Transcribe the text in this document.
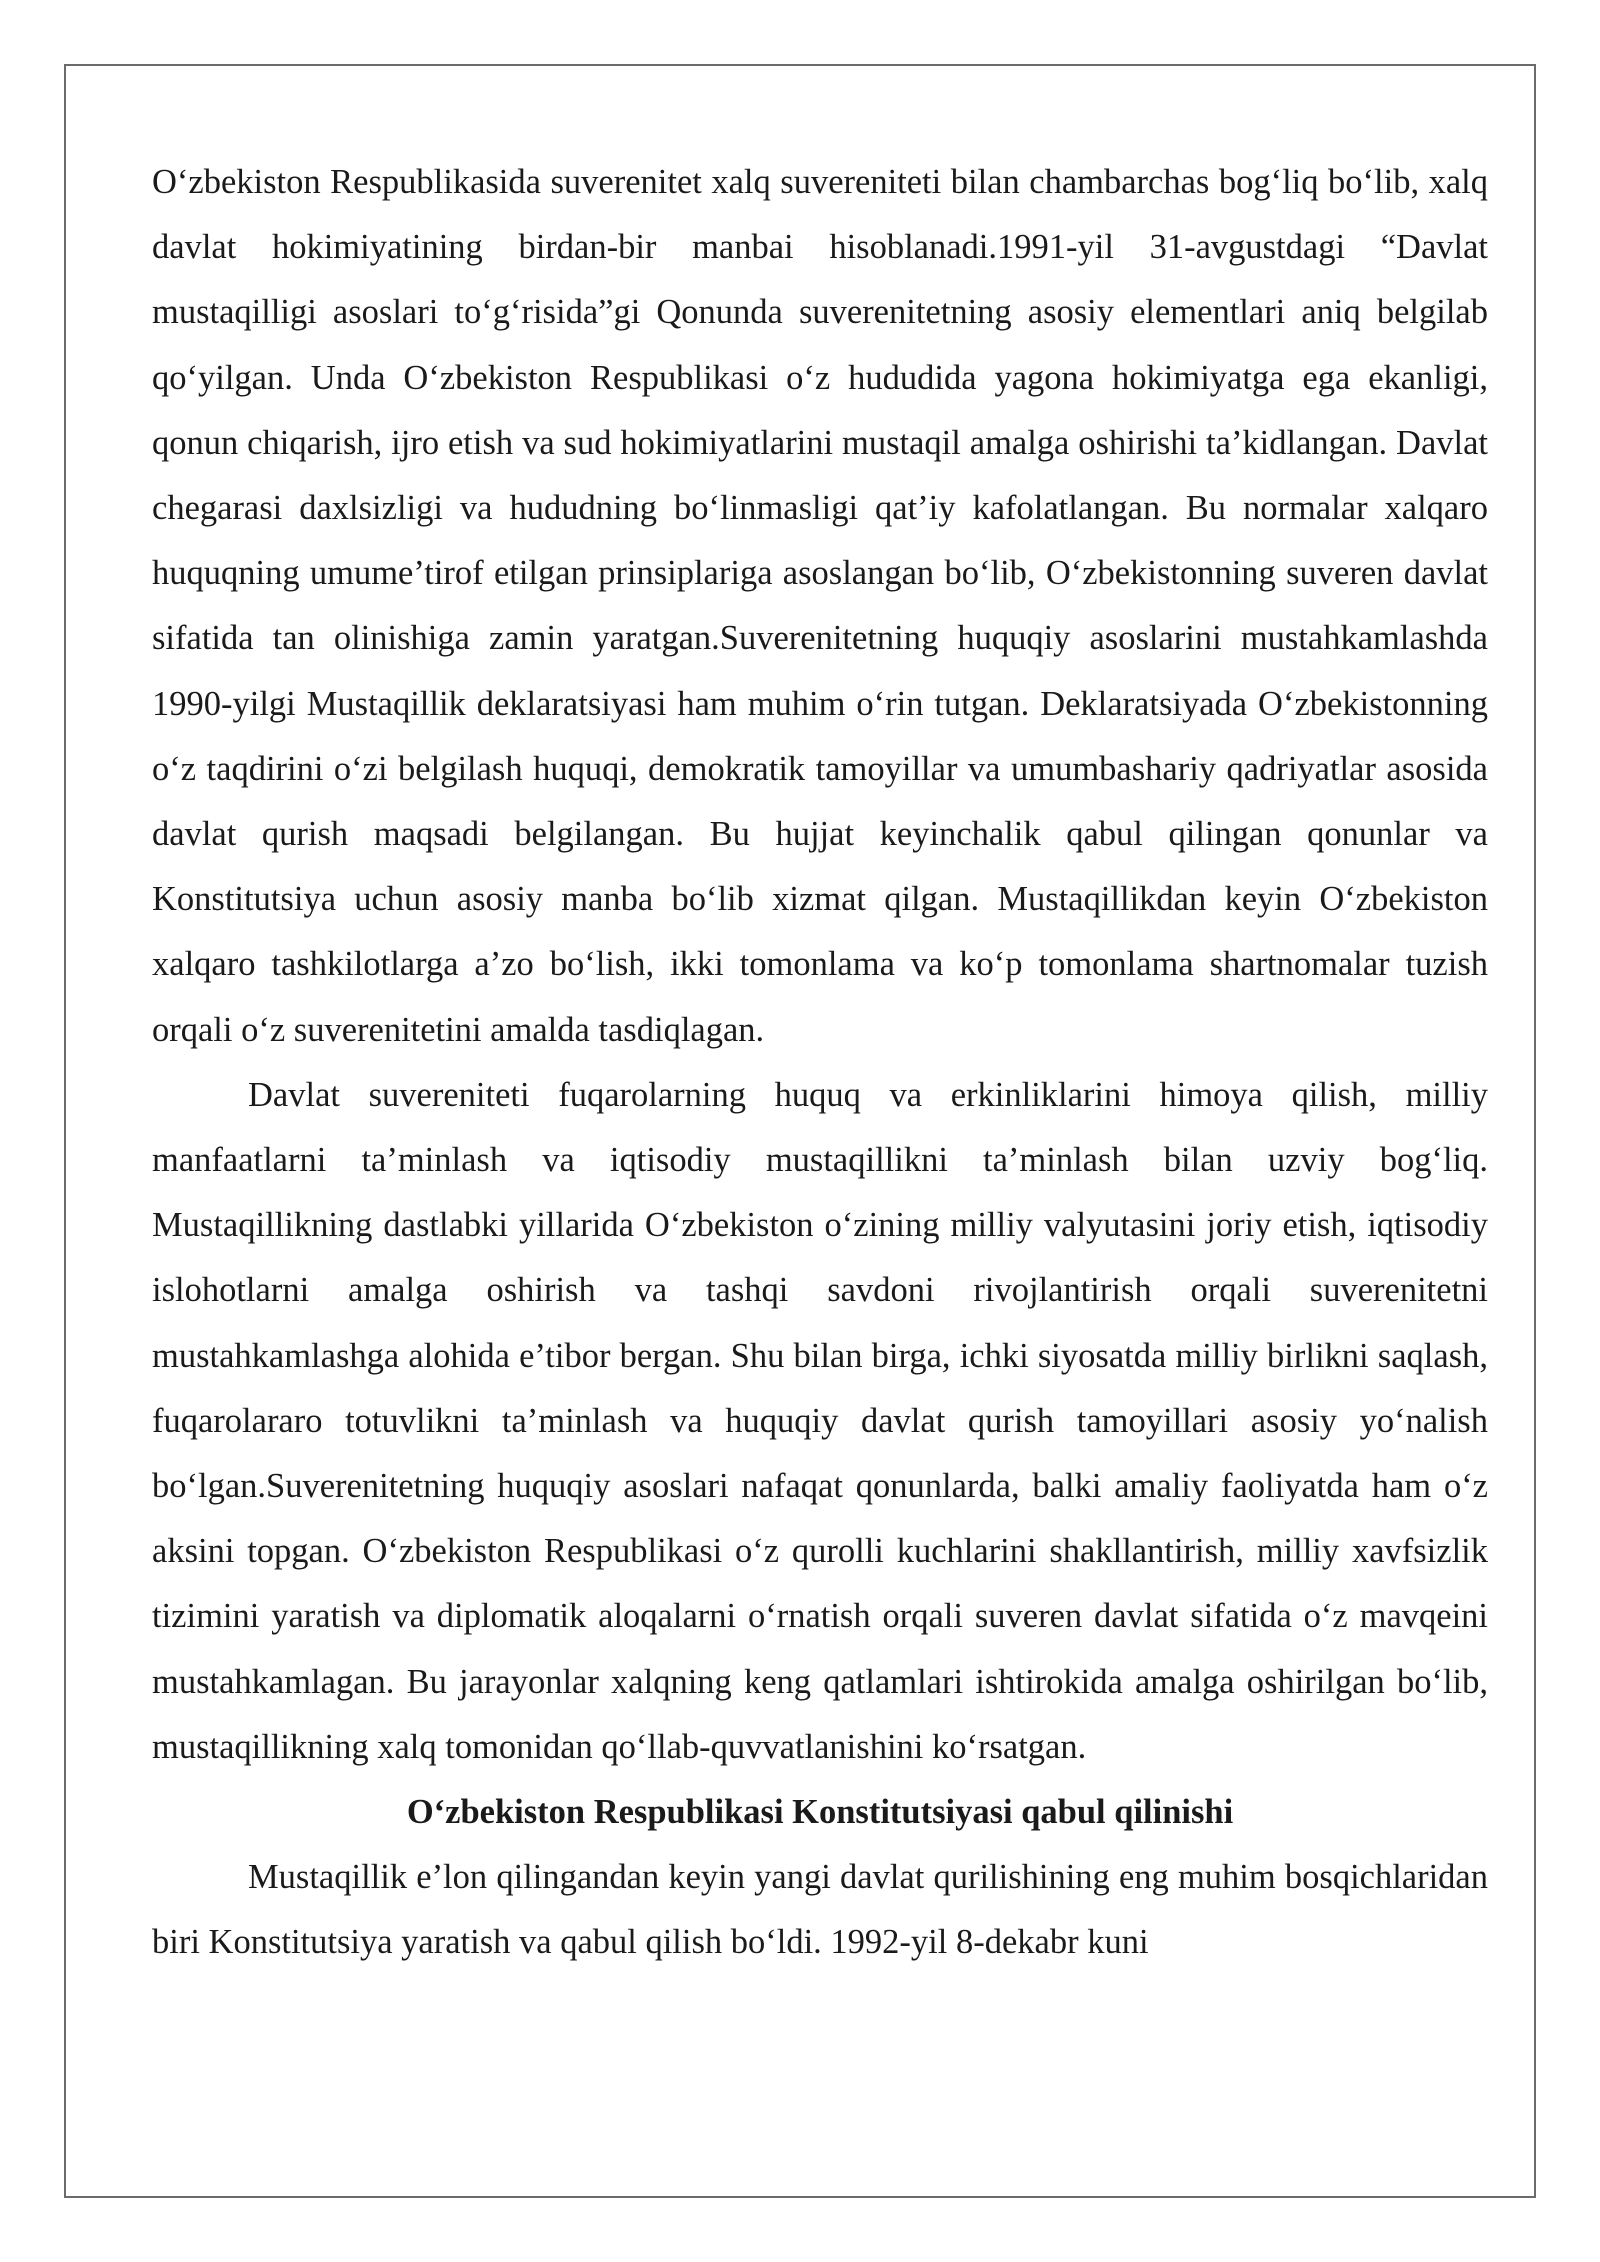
O‘zbekiston Respublikasida suverenitet xalq suvereniteti bilan chambarchas bog‘liq bo‘lib, xalq davlat hokimiyatining birdan-bir manbai hisoblanadi.1991-yil 31-avgustdagi “Davlat mustaqilligi asoslari to‘g‘risida”gi Qonunda suverenitetning asosiy elementlari aniq belgilab qo‘yilgan. Unda O‘zbekiston Respublikasi o‘z hududida yagona hokimiyatga ega ekanligi, qonun chiqarish, ijro etish va sud hokimiyatlarini mustaqil amalga oshirishi ta’kidlangan. Davlat chegarasi daxlsizligi va hududning bo‘linmasligi qat’iy kafolatlangan. Bu normalar xalqaro huquqning umume’tirof etilgan prinsiplariga asoslangan bo‘lib, O‘zbekistonning suveren davlat sifatida tan olinishiga zamin yaratgan.Suverenitetning huquqiy asoslarini mustahkamlashda 1990-yilgi Mustaqillik deklaratsiyasi ham muhim o‘rin tutgan. Deklaratsiyada O‘zbekistonning o‘z taqdirini o‘zi belgilash huquqi, demokratik tamoyillar va umumbashariy qadriyatlar asosida davlat qurish maqsadi belgilangan. Bu hujjat keyinchalik qabul qilingan qonunlar va Konstitutsiya uchun asosiy manba bo‘lib xizmat qilgan. Mustaqillikdan keyin O‘zbekiston xalqaro tashkilotlarga a’zo bo‘lish, ikki tomonlama va ko‘p tomonlama shartnomalar tuzish orqali o‘z suverenitetini amalda tasdiqlagan.

Davlat suvereniteti fuqarolarning huquq va erkinliklarini himoya qilish, milliy manfaatlarni ta’minlash va iqtisodiy mustaqillikni ta’minlash bilan uzviy bog‘liq. Mustaqillikning dastlabki yillarida O‘zbekiston o‘zining milliy valyutasini joriy etish, iqtisodiy islohotlarni amalga oshirish va tashqi savdoni rivojlantirish orqali suverenitetni mustahkamlashga alohida e’tibor bergan. Shu bilan birga, ichki siyosatda milliy birlikni saqlash, fuqarolararo totuvlikni ta’minlash va huquqiy davlat qurish tamoyillari asosiy yo‘nalish bo‘lgan.Suverenitetning huquqiy asoslari nafaqat qonunlarda, balki amaliy faoliyatda ham o‘z aksini topgan. O‘zbekiston Respublikasi o‘z qurolli kuchlarini shakllantirish, milliy xavfsizlik tizimini yaratish va diplomatik aloqalarni o‘rnatish orqali suveren davlat sifatida o‘z mavqeini mustahkamlagan. Bu jarayonlar xalqning keng qatlamlari ishtirokida amalga oshirilgan bo‘lib, mustaqillikning xalq tomonidan qo‘llab-quvvatlanishini ko‘rsatgan.

O‘zbekiston Respublikasi Konstitutsiyasi qabul qilinishi

Mustaqillik e’lon qilingandan keyin yangi davlat qurilishining eng muhim bosqichlaridan biri Konstitutsiya yaratish va qabul qilish bo‘ldi. 1992-yil 8-dekabr kuni
